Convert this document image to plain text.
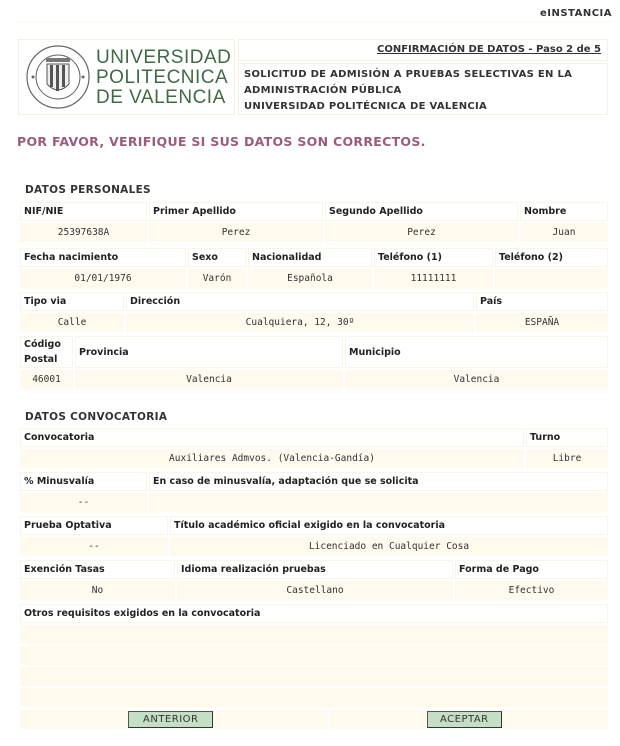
eINSTANCIA
UNIVERSIDAD
POLITECNICA
DE VALENCIA
CONFIRMACIÓN DE DATOS - Paso 2 de 5
SOLICITUD DE ADMISIÓN A PRUEBAS SELECTIVAS EN LA
ADMINISTRACIÓN PÚBLICA
UNIVERSIDAD POLITÉCNICA DE VALENCIA
POR FAVOR, VERIFIQUE SI SUS DATOS SON CORRECTOS.
DATOS PERSONALES
NIF/NIE	Primer Apellido	Segundo Apellido	Nombre
25397638A	Perez	Perez	Juan
Fecha nacimiento	Sexo	Nacionalidad	Teléfono (1)	Teléfono (2)
01/01/1976	Varón	Española	11111111	
Tipo via	Dirección	País
Calle	Cualquiera, 12, 30º	ESPAÑA
Código Postal	Provincia	Municipio
46001	Valencia	Valencia
DATOS CONVOCATORIA
Convocatoria	Turno
Auxiliares Admvos. (Valencia-Gandía)	Libre
% Minusvalía	En caso de minusvalía, adaptación que se solicita
--	
Prueba Optativa	Título académico oficial exigido en la convocatoria
--	Licenciado en Cualquier Cosa
Exención Tasas	Idioma realización pruebas	Forma de Pago
No	Castellano	Efectivo
Otros requisitos exigidos en la convocatoria

ANTERIOR	ACEPTAR
